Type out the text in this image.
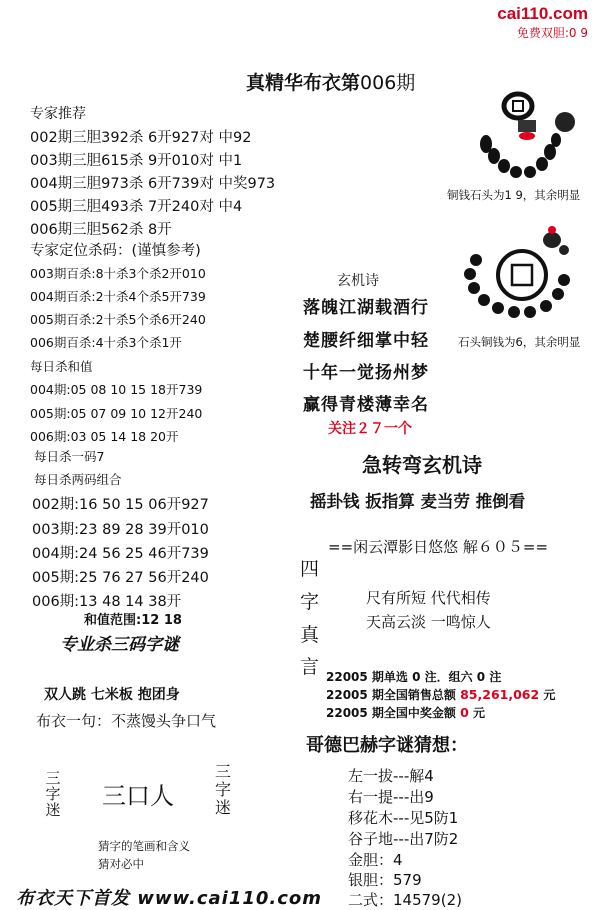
cai110.com
免费双胆:0 9
真精华布衣第006期
专家推荐
002期三胆392杀 6开927对 中92
003期三胆615杀 9开010对 中1
004期三胆973杀 6开739对 中奖973
005期三胆493杀 7开240对 中4
006期三胆562杀 8开
专家定位杀码：(谨慎参考)
003期百杀:8十杀3个杀2开010
004期百杀:2十杀4个杀5开739
005期百杀:2十杀5个杀6开240
006期百杀:4十杀3个杀1开
每日杀和值
004期:05 08 10 15 18开739
005期:05 07 09 10 12开240
006期:03 05 14 18 20开
每日杀一码7
每日杀两码组合
002期:16 50 15 06开927
003期:23 89 28 39开010
004期:24 56 25 46开739
005期:25 76 27 56开240
006期:13 48 14 38开
和值范围:12 18
专业杀三码字谜
双人跳 七米板 抱团身
布衣一句：不蒸馒头争口气
三字迷 三口人
三字迷
猜字的笔画和含义
猜对必中
布衣天下首发 www.cai110.com
铜钱石头为1 9，其余明显
石头铜钱为6，其余明显
玄机诗
落魄江湖载酒行
楚腰纤细掌中轻
十年一觉扬州梦
赢得青楼薄幸名
关注２７一个
急转弯玄机诗
摇卦钱 扳指算 麦当劳 推倒看
==闲云潭影日悠悠 解６０５==
四
字
真
言
尺有所短 代代相传
天高云淡 一鸣惊人
22005 期单选 0 注．组六 0 注
22005 期全国销售总额 85,261,062 元
22005 期全国中奖金额 0 元
哥德巴赫字谜猜想：
左一拔---解4
右一提---出9
移花木---见5防1
谷子地---出7防2
金胆：4
银胆：579
二式：14579(2)
